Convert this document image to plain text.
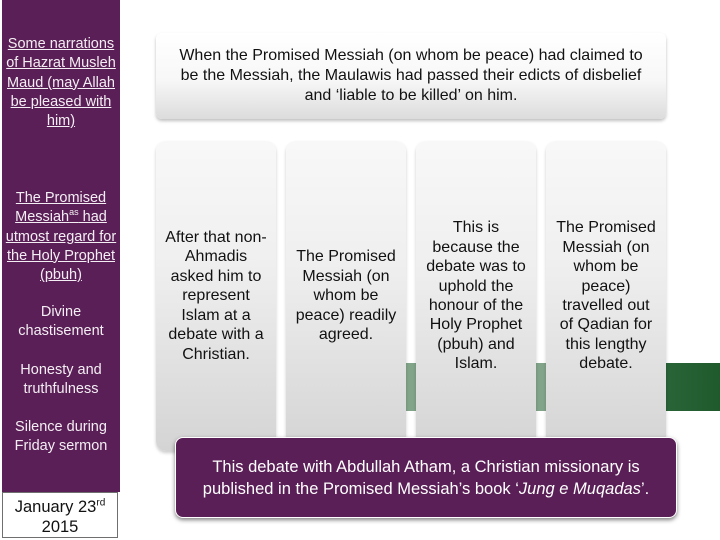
Some narrations of Hazrat Musleh Maud (may Allah be pleased with him)
The Promised Messiah$^{as}$ had utmost regard for the Holy Prophet (pbuh)
Divine chastisement
Honesty and truthfulness
Silence during Friday sermon
January 23rd
2015
When the Promised Messiah (on whom be peace) had claimed to be the Messiah, the Maulawis had passed their edicts of disbelief and ‘liable to be killed’ on him.
After that non-Ahmadis asked him to represent Islam at a debate with a Christian.
The Promised Messiah (on whom be peace) readily agreed.
This is because the debate was to uphold the honour of the Holy Prophet (pbuh) and Islam.
The Promised Messiah (on whom be peace) travelled out of Qadian for this lengthy debate.
This debate with Abdullah Atham, a Christian missionary is published in the Promised Messiah’s book ‘Jung e Muqadas’.
